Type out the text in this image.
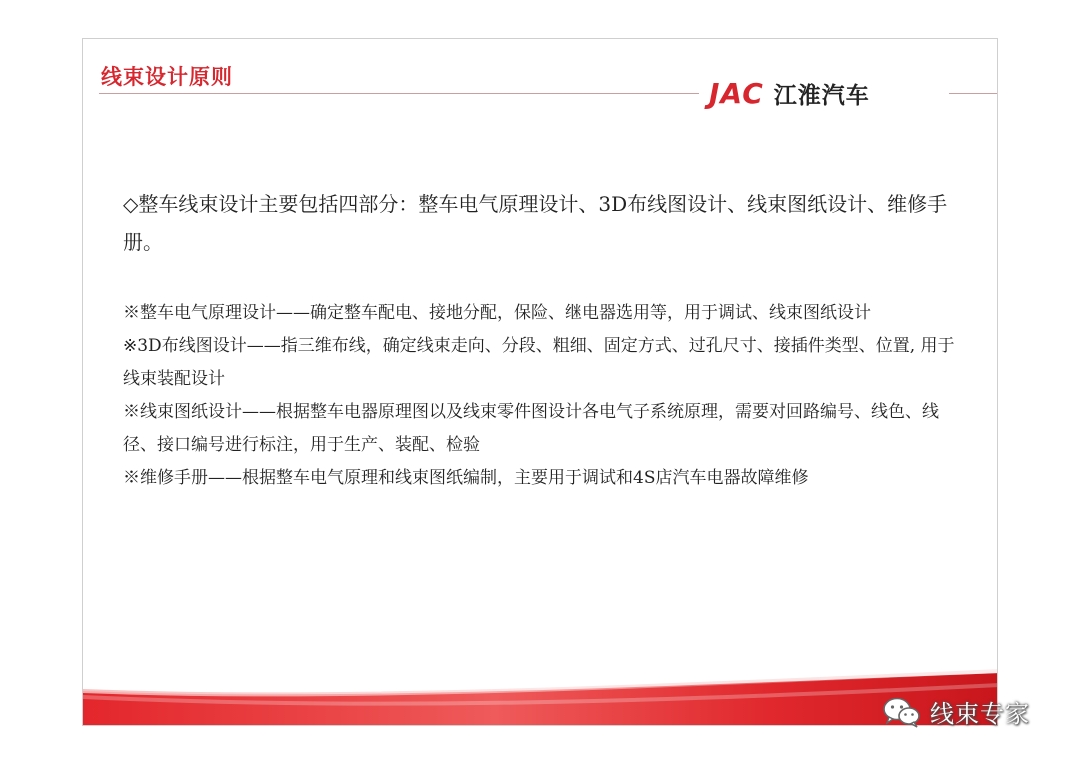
线束设计原则	JAC 江淮汽车
◇整车线束设计主要包括四部分：整车电气原理设计、3D布线图设计、线束图纸设计、维修手册。

※整车电气原理设计——确定整车配电、接地分配，保险、继电器选用等，用于调试、线束图纸设计

※3D布线图设计——指三维布线，确定线束走向、分段、粗细、固定方式、过孔尺寸、接插件类型、位置, 用于线束装配设计

※线束图纸设计——根据整车电器原理图以及线束零件图设计各电气子系统原理，需要对回路编号、线色、线径、接口编号进行标注，用于生产、装配、检验

※维修手册——根据整车电气原理和线束图纸编制，主要用于调试和4S店汽车电器故障维修

线束专家
